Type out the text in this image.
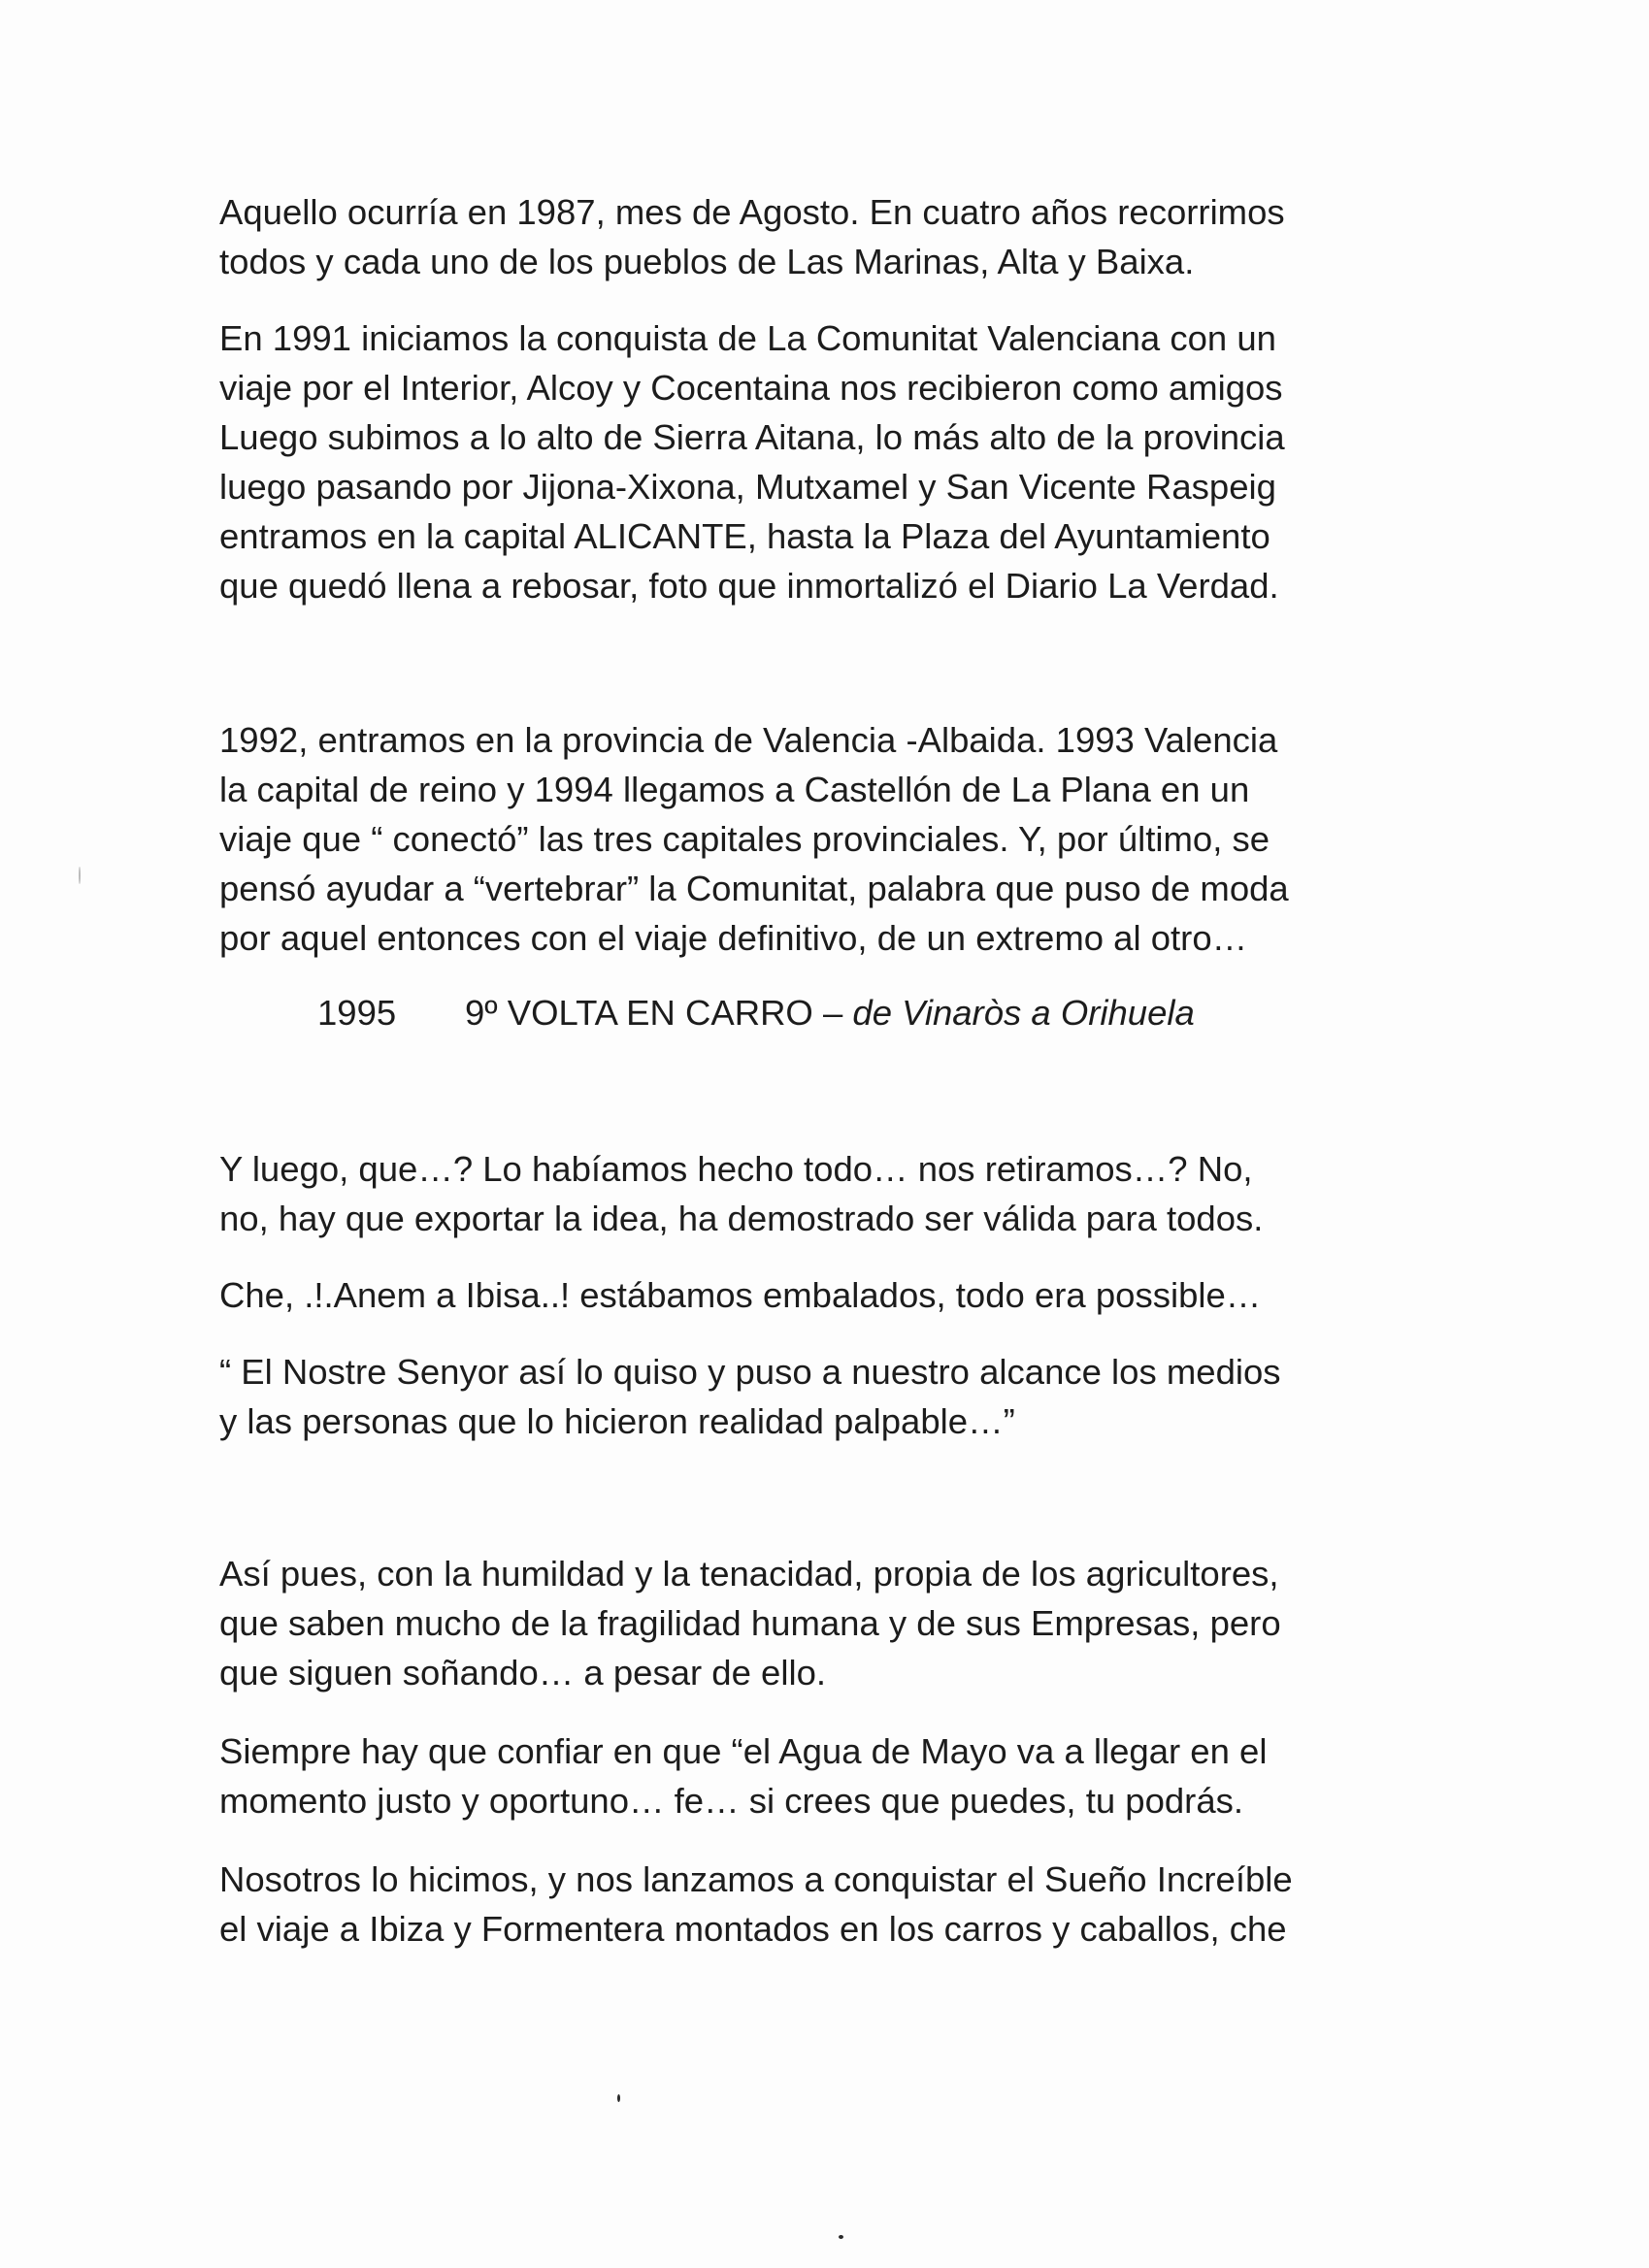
Aquello ocurría en 1987, mes de Agosto. En cuatro años recorrimos

todos y cada uno de los pueblos de Las Marinas, Alta y Baixa.

En 1991 iniciamos la conquista de La Comunitat Valenciana con un

viaje por el Interior, Alcoy y Cocentaina nos recibieron como amigos

Luego subimos a lo alto de Sierra Aitana, lo más alto de la provincia

luego pasando por Jijona-Xixona, Mutxamel y San Vicente Raspeig

entramos en la capital ALICANTE, hasta la Plaza del Ayuntamiento

que quedó llena a rebosar, foto que inmortalizó el Diario La Verdad.

1992, entramos en la provincia de Valencia -Albaida. 1993 Valencia

la capital de reino y 1994 llegamos a Castellón de La Plana en un

viaje que “ conectó” las tres capitales provinciales. Y, por último, se

pensó ayudar a “vertebrar” la Comunitat, palabra que puso de moda

por aquel entonces con el viaje definitivo, de un extremo al otro…

1995 9º VOLTA EN CARRO – de Vinaròs a Orihuela

Y luego, que…? Lo habíamos hecho todo… nos retiramos…? No,

no, hay que exportar la idea, ha demostrado ser válida para todos.

Che, .!.Anem a Ibisa..! estábamos embalados, todo era possible…

“ El Nostre Senyor así lo quiso y puso a nuestro alcance los medios

y las personas que lo hicieron realidad palpable…”

Así pues, con la humildad y la tenacidad, propia de los agricultores,

que saben mucho de la fragilidad humana y de sus Empresas, pero

que siguen soñando… a pesar de ello.

Siempre hay que confiar en que “el Agua de Mayo va a llegar en el

momento justo y oportuno… fe… si crees que puedes, tu podrás.

Nosotros lo hicimos, y nos lanzamos a conquistar el Sueño Increíble

el viaje a Ibiza y Formentera montados en los carros y caballos, che
